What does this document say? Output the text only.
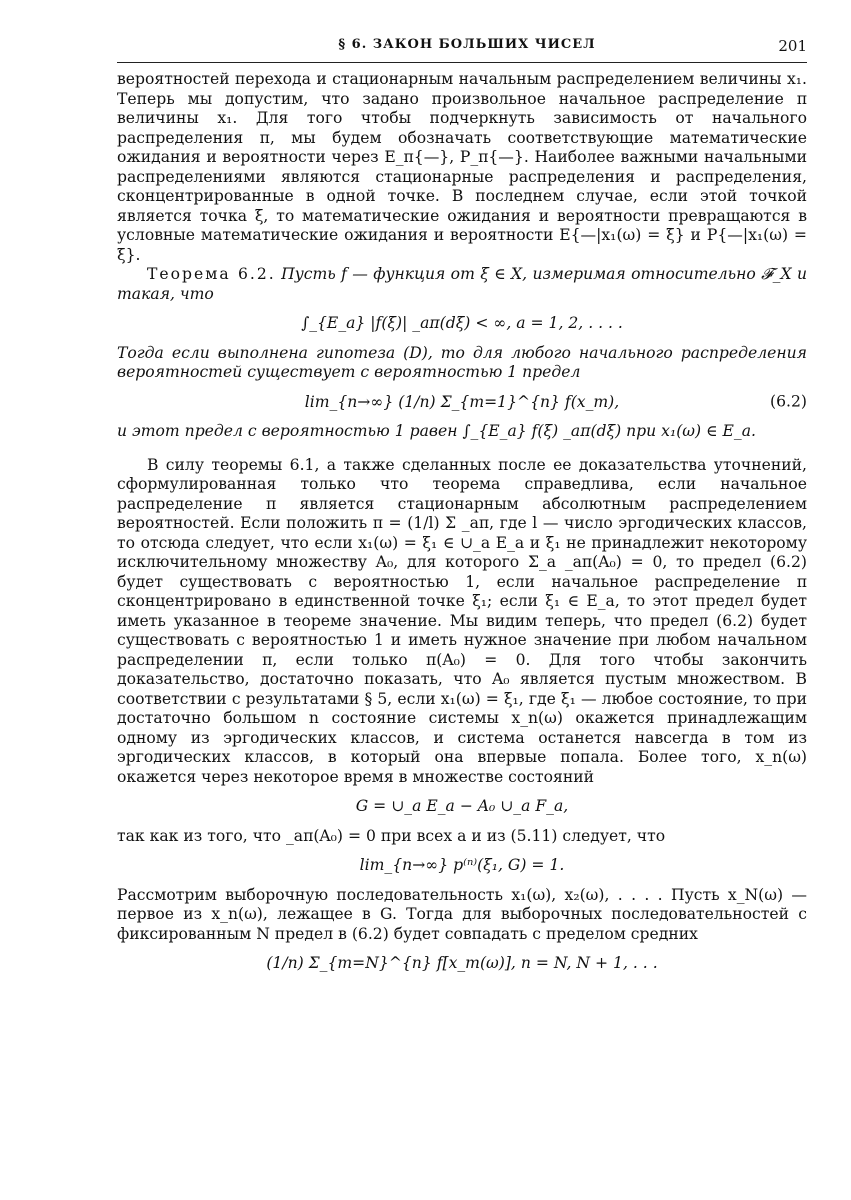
§ 6. ЗАКОН БОЛЬШИХ ЧИСЕЛ	201

вероятностей перехода и стационарным начальным распределением величины x₁. Теперь мы допустим, что задано произвольное начальное распределение π величины x₁. Для того чтобы подчеркнуть зависимость от начального распределения π, мы будем обозначать соответствующие математические ожидания и вероятности через E_π{—}, P_π{—}. Наиболее важными начальными распределениями являются стационарные распределения и распределения, сконцентрированные в одной точке. В последнем случае, если этой точкой является точка ξ, то математические ожидания и вероятности превращаются в условные математические ожидания и вероятности E{—|x₁(ω) = ξ} и P{—|x₁(ω) = ξ}.

Теорема 6.2. Пусть f — функция от ξ ∈ X, измеримая относительно 𝓕_X и такая, что

∫_{E_a} |f(ξ)| _aπ(dξ) < ∞, a = 1, 2, . . . .

Тогда если выполнена гипотеза (D), то для любого начального распределения вероятностей существует с вероятностью 1 предел

lim_{n→∞} (1/n) Σ_{m=1}^{n} f(x_m),	(6.2)

и этот предел с вероятностью 1 равен ∫_{E_a} f(ξ) _aπ(dξ) при x₁(ω) ∈ E_a.

В силу теоремы 6.1, а также сделанных после ее доказательства уточнений, сформулированная только что теорема справедлива, если начальное распределение π является стационарным абсолютным распределением вероятностей. Если положить π = (1/l) Σ _aπ, где l — число эргодических классов, то отсюда следует, что если x₁(ω) = ξ₁ ∈ ∪_a E_a и ξ₁ не принадлежит некоторому исключительному множеству A₀, для которого Σ_a _aπ(A₀) = 0, то предел (6.2) будет существовать с вероятностью 1, если начальное распределение π сконцентрировано в единственной точке ξ₁; если ξ₁ ∈ E_a, то этот предел будет иметь указанное в теореме значение. Мы видим теперь, что предел (6.2) будет существовать с вероятностью 1 и иметь нужное значение при любом начальном распределении π, если только π(A₀) = 0. Для того чтобы закончить доказательство, достаточно показать, что A₀ является пустым множеством. В соответствии с результатами § 5, если x₁(ω) = ξ₁, где ξ₁ — любое состояние, то при достаточно большом n состояние системы x_n(ω) окажется принадлежащим одному из эргодических классов, и система останется навсегда в том из эргодических классов, в который она впервые попала. Более того, x_n(ω) окажется через некоторое время в множестве состояний

G = ∪_a E_a − A₀ ∪_a F_a,

так как из того, что _aπ(A₀) = 0 при всех a и из (5.11) следует, что

lim_{n→∞} p⁽ⁿ⁾(ξ₁, G) = 1.

Рассмотрим выборочную последовательность x₁(ω), x₂(ω), . . . . Пусть x_N(ω) — первое из x_n(ω), лежащее в G. Тогда для выборочных последовательностей с фиксированным N предел в (6.2) будет совпадать с пределом средних

(1/n) Σ_{m=N}^{n} f[x_m(ω)], n = N, N + 1, . . .
